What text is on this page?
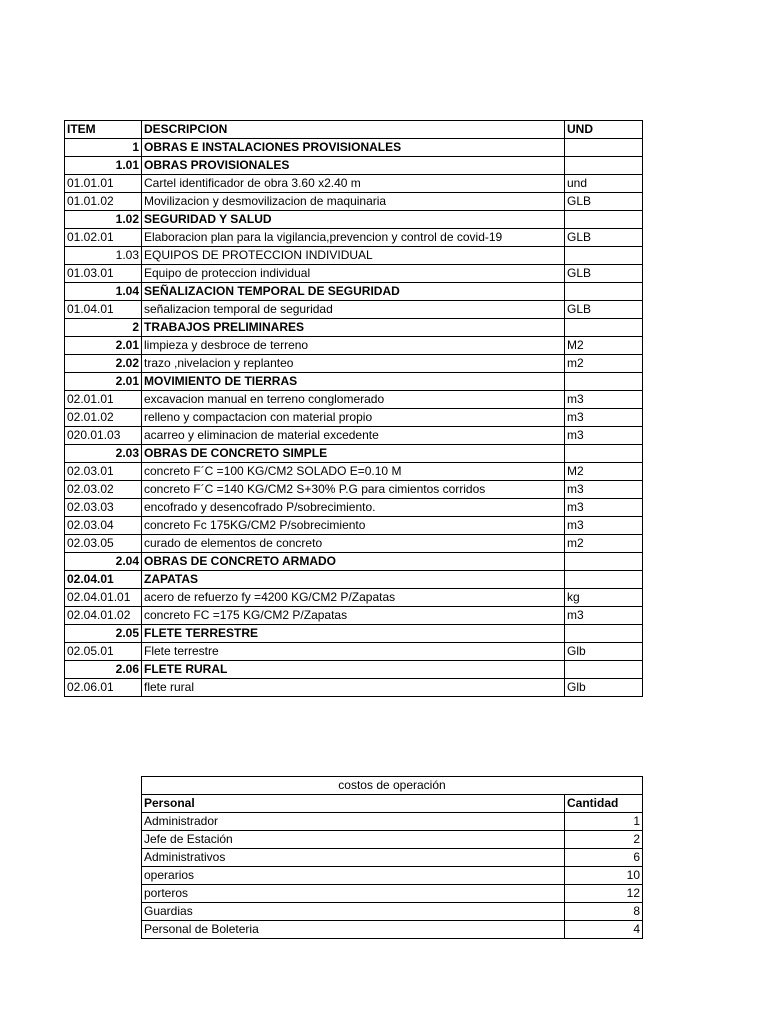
ITEM	DESCRIPCION	UND
1	OBRAS E INSTALACIONES PROVISIONALES	
1.01	OBRAS PROVISIONALES	
01.01.01	Cartel identificador de obra 3.60 x2.40 m	und
01.01.02	Movilizacion y desmovilizacion de maquinaria	GLB
1.02	SEGURIDAD Y SALUD	
01.02.01	Elaboracion plan para la vigilancia,prevencion y control de covid-19	GLB
1.03	EQUIPOS DE PROTECCION INDIVIDUAL	
01.03.01	Equipo de proteccion individual	GLB
1.04	SEÑALIZACION TEMPORAL DE SEGURIDAD	
01.04.01	señalizacion temporal de seguridad	GLB
2	TRABAJOS PRELIMINARES	
2.01	limpieza y desbroce de terreno	M2
2.02	trazo ,nivelacion y replanteo	m2
2.01	MOVIMIENTO DE TIERRAS	
02.01.01	excavacion manual en terreno conglomerado	m3
02.01.02	relleno y compactacion con material propio	m3
020.01.03	acarreo y eliminacion de material excedente	m3
2.03	OBRAS DE CONCRETO SIMPLE	
02.03.01	concreto F´C =100 KG/CM2 SOLADO E=0.10 M	M2
02.03.02	concreto F´C =140 KG/CM2 S+30% P.G para cimientos corridos	m3
02.03.03	encofrado y desencofrado P/sobrecimiento.	m3
02.03.04	concreto Fc 175KG/CM2 P/sobrecimiento	m3
02.03.05	curado de elementos de concreto	m2
2.04	OBRAS DE CONCRETO ARMADO	
02.04.01	ZAPATAS	
02.04.01.01	acero de refuerzo fy =4200 KG/CM2 P/Zapatas	kg
02.04.01.02	concreto FC =175 KG/CM2 P/Zapatas	m3
2.05	FLETE TERRESTRE	
02.05.01	Flete terrestre	Glb
2.06	FLETE RURAL	
02.06.01	flete rural	Glb
costos de operación	
Personal	Cantidad
Administrador	1
Jefe de Estación	2
Administrativos	6
operarios	10
porteros	12
Guardias	8
Personal de Boleteria	4
